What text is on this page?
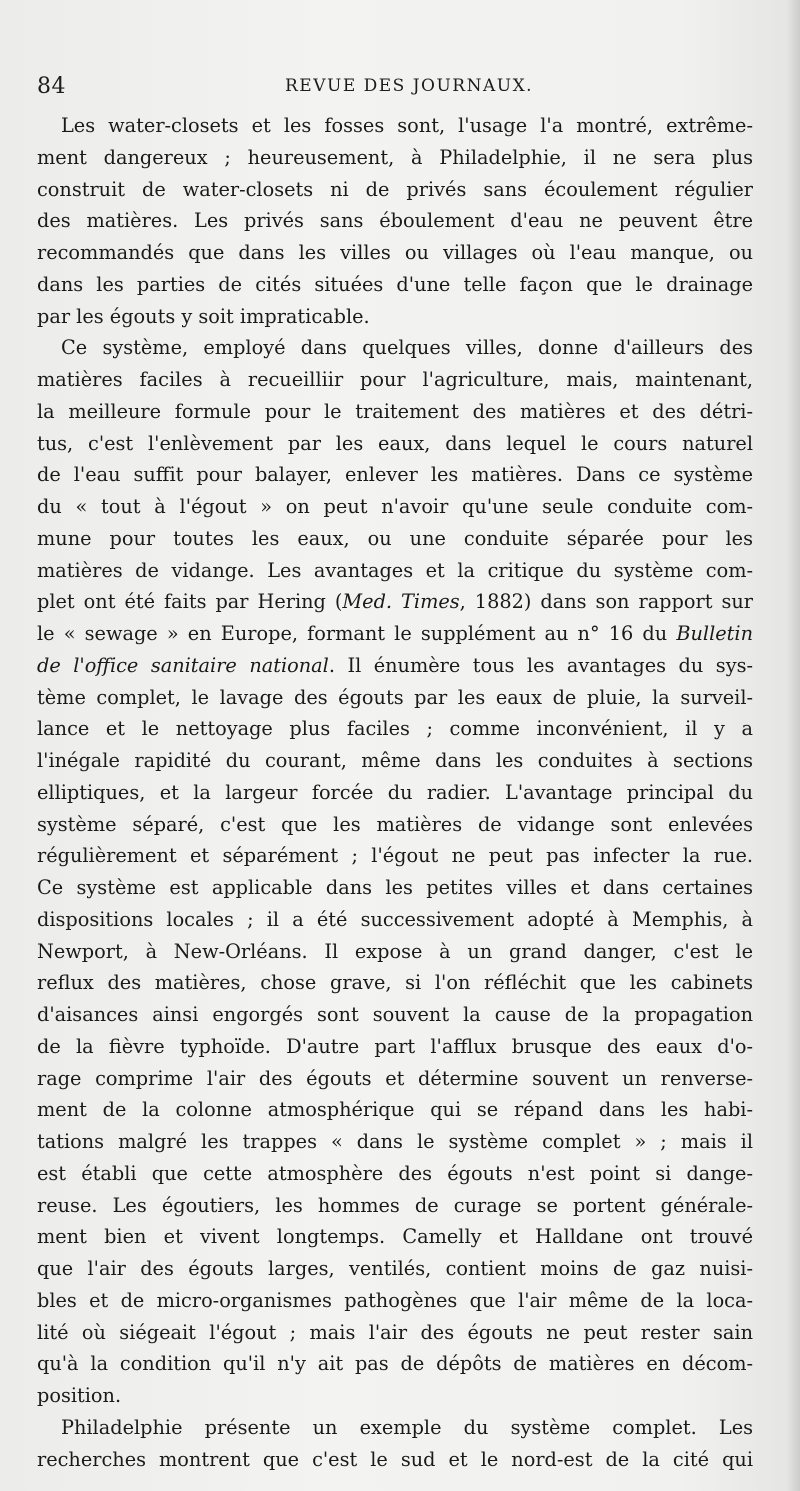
84	REVUE DES JOURNAUX.
Les water-closets et les fosses sont, l'usage l'a montré, extrême-
ment dangereux ; heureusement, à Philadelphie, il ne sera plus
construit de water-closets ni de privés sans écoulement régulier
des matières. Les privés sans éboulement d'eau ne peuvent être
recommandés que dans les villes ou villages où l'eau manque, ou
dans les parties de cités situées d'une telle façon que le drainage
par les égouts y soit impraticable.
Ce système, employé dans quelques villes, donne d'ailleurs des
matières faciles à recueilliir pour l'agriculture, mais, maintenant,
la meilleure formule pour le traitement des matières et des détri-
tus, c'est l'enlèvement par les eaux, dans lequel le cours naturel
de l'eau suffit pour balayer, enlever les matières. Dans ce système
du « tout à l'égout » on peut n'avoir qu'une seule conduite com-
mune pour toutes les eaux, ou une conduite séparée pour les
matières de vidange. Les avantages et la critique du système com-
plet ont été faits par Hering (Med. Times, 1882) dans son rapport sur
le « sewage » en Europe, formant le supplément au n° 16 du Bulletin
de l'office sanitaire national. Il énumère tous les avantages du sys-
tème complet, le lavage des égouts par les eaux de pluie, la surveil-
lance et le nettoyage plus faciles ; comme inconvénient, il y a
l'inégale rapidité du courant, même dans les conduites à sections
elliptiques, et la largeur forcée du radier. L'avantage principal du
système séparé, c'est que les matières de vidange sont enlevées
régulièrement et séparément ; l'égout ne peut pas infecter la rue.
Ce système est applicable dans les petites villes et dans certaines
dispositions locales ; il a été successivement adopté à Memphis, à
Newport, à New-Orléans. Il expose à un grand danger, c'est le
reflux des matières, chose grave, si l'on réfléchit que les cabinets
d'aisances ainsi engorgés sont souvent la cause de la propagation
de la fièvre typhoïde. D'autre part l'afflux brusque des eaux d'o-
rage comprime l'air des égouts et détermine souvent un renverse-
ment de la colonne atmosphérique qui se répand dans les habi-
tations malgré les trappes « dans le système complet » ; mais il
est établi que cette atmosphère des égouts n'est point si dange-
reuse. Les égoutiers, les hommes de curage se portent générale-
ment bien et vivent longtemps. Camelly et Halldane ont trouvé
que l'air des égouts larges, ventilés, contient moins de gaz nuisi-
bles et de micro-organismes pathogènes que l'air même de la loca-
lité où siégeait l'égout ; mais l'air des égouts ne peut rester sain
qu'à la condition qu'il n'y ait pas de dépôts de matières en décom-
position.
Philadelphie présente un exemple du système complet. Les
recherches montrent que c'est le sud et le nord-est de la cité qui
